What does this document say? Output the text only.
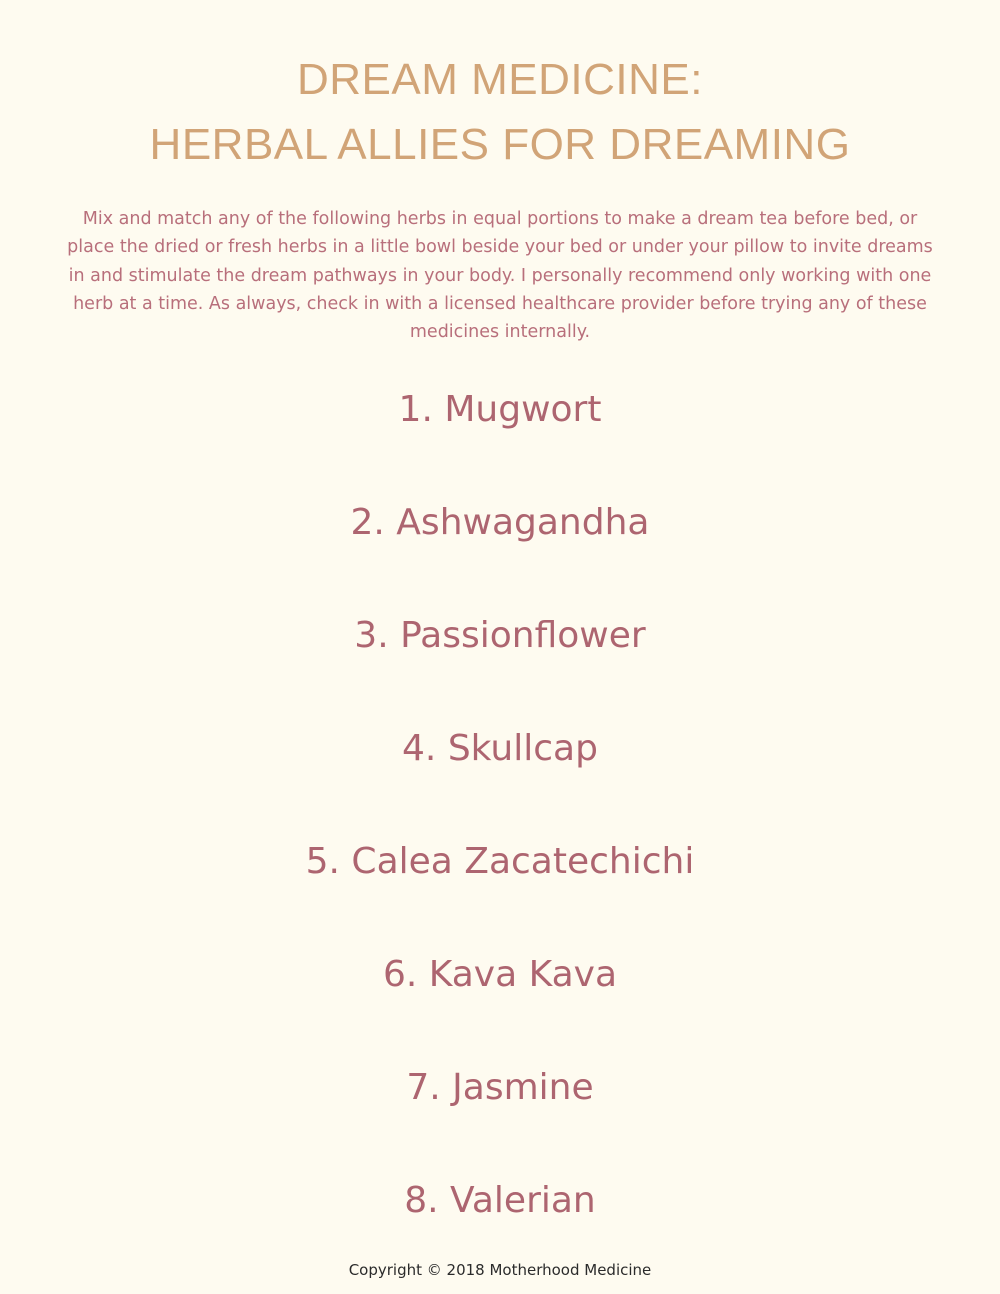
DREAM MEDICINE:
HERBAL ALLIES FOR DREAMING

Mix and match any of the following herbs in equal portions to make a dream tea before bed, or place the dried or fresh herbs in a little bowl beside your bed or under your pillow to invite dreams in and stimulate the dream pathways in your body. I personally recommend only working with one herb at a time. As always, check in with a licensed healthcare provider before trying any of these medicines internally.

1. Mugwort
2. Ashwagandha
3. Passionflower
4. Skullcap
5. Calea Zacatechichi
6. Kava Kava
7. Jasmine
8. Valerian
Copyright © 2018 Motherhood Medicine
